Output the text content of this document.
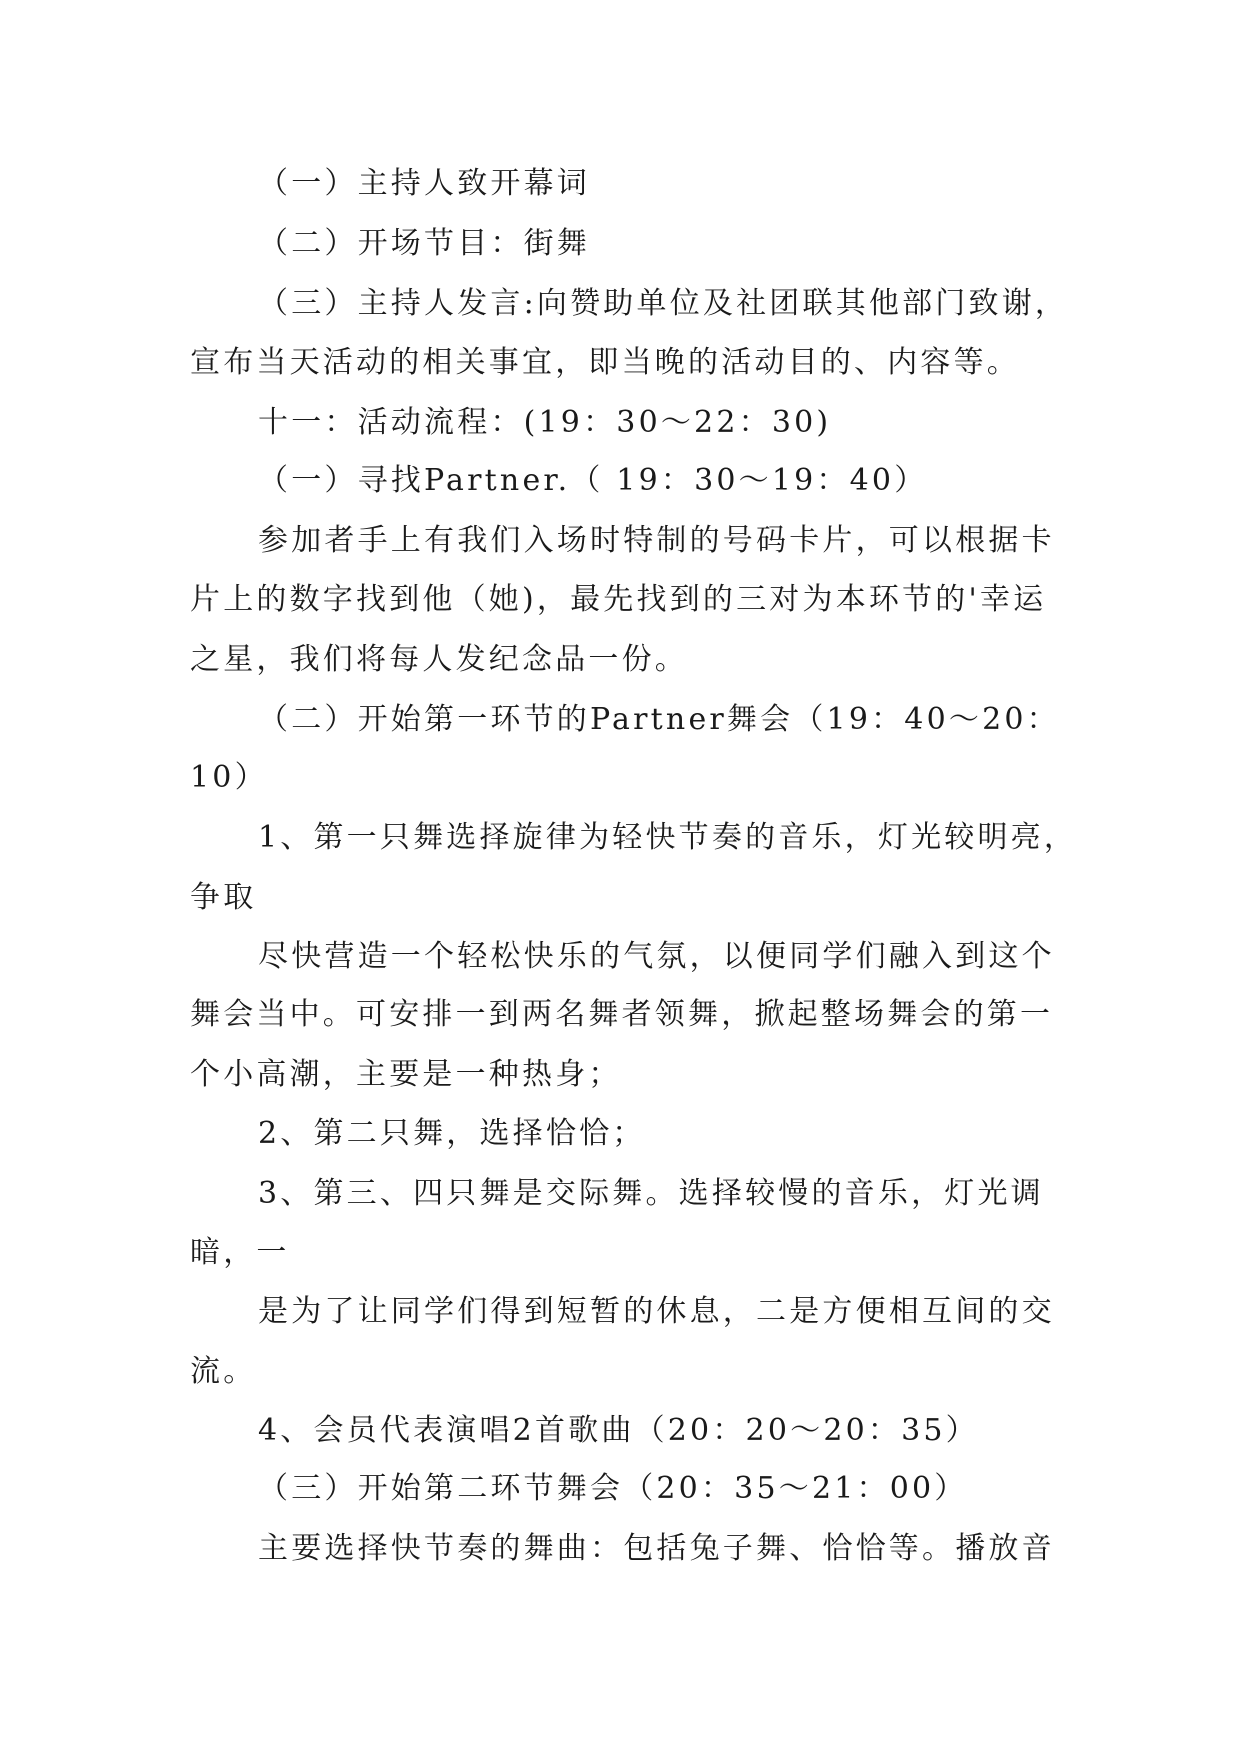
（一）主持人致开幕词
（二）开场节目：街舞
（三）主持人发言:向赞助单位及社团联其他部门致谢，
宣布当天活动的相关事宜，即当晚的活动目的、内容等。
十一：活动流程：(19：30～22：30)
（一）寻找Partner.（ 19：30～19：40）
参加者手上有我们入场时特制的号码卡片，可以根据卡
片上的数字找到他（她)，最先找到的三对为本环节的'幸运
之星，我们将每人发纪念品一份。
（二）开始第一环节的Partner舞会（19：40～20：
10）
1、第一只舞选择旋律为轻快节奏的音乐，灯光较明亮，
争取
尽快营造一个轻松快乐的气氛，以便同学们融入到这个
舞会当中。可安排一到两名舞者领舞，掀起整场舞会的第一
个小高潮，主要是一种热身；
2、第二只舞，选择恰恰；
3、第三、四只舞是交际舞。选择较慢的音乐，灯光调
暗，一
是为了让同学们得到短暂的休息，二是方便相互间的交
流。
4、会员代表演唱2首歌曲（20：20～20：35）
（三）开始第二环节舞会（20：35～21：00）
主要选择快节奏的舞曲：包括兔子舞、恰恰等。播放音
